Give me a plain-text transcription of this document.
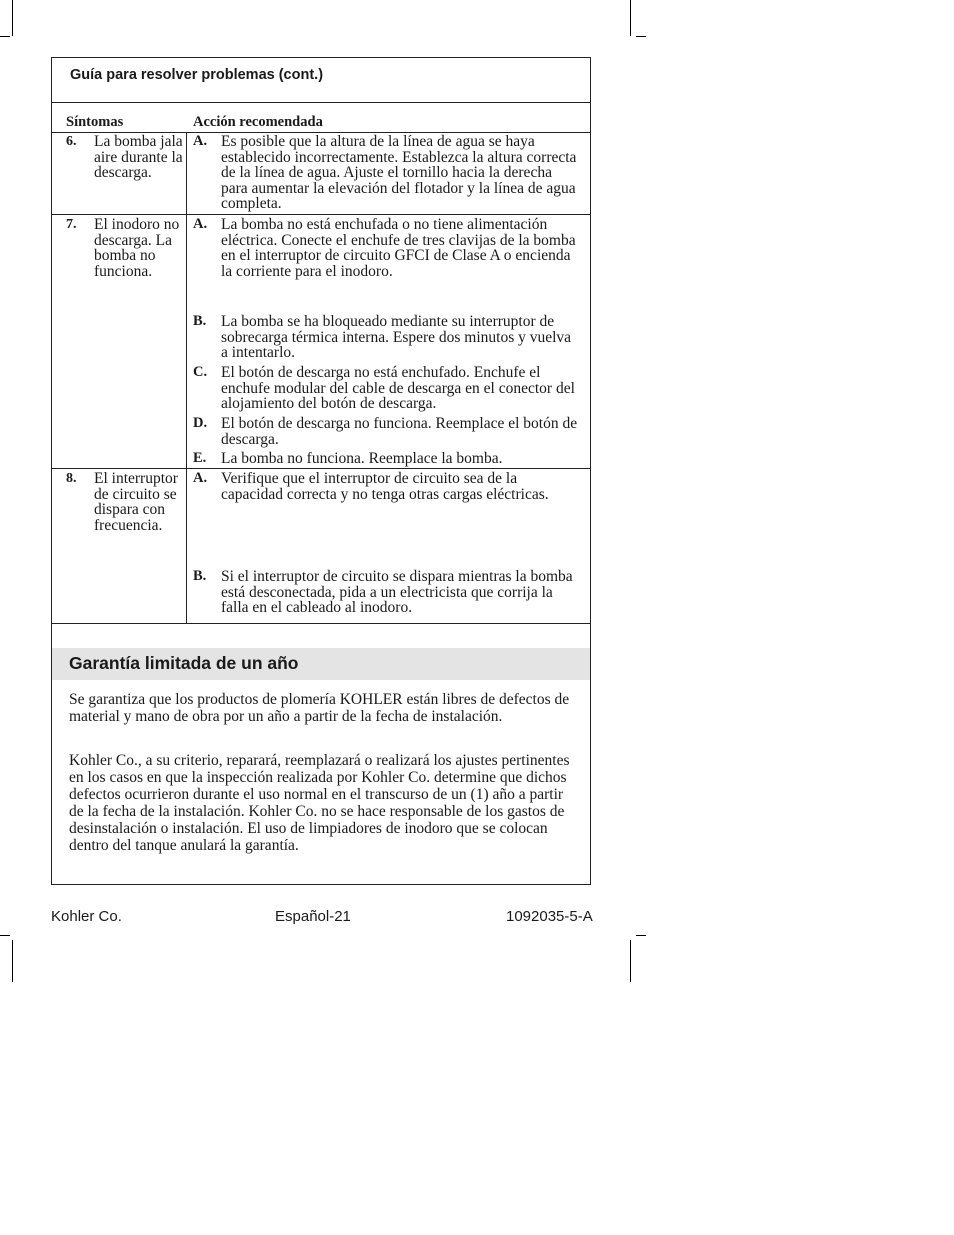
Guía para resolver problemas (cont.)
Síntomas	Acción recomendada
6. La bomba jala aire durante la descarga.
A. Es posible que la altura de la línea de agua se haya establecido incorrectamente. Establezca la altura correcta de la línea de agua. Ajuste el tornillo hacia la derecha para aumentar la elevación del flotador y la línea de agua completa.
7. El inodoro no descarga. La bomba no funciona.
A. La bomba no está enchufada o no tiene alimentación eléctrica. Conecte el enchufe de tres clavijas de la bomba en el interruptor de circuito GFCI de Clase A o encienda la corriente para el inodoro.
B. La bomba se ha bloqueado mediante su interruptor de sobrecarga térmica interna. Espere dos minutos y vuelva a intentarlo.
C. El botón de descarga no está enchufado. Enchufe el enchufe modular del cable de descarga en el conector del alojamiento del botón de descarga.
D. El botón de descarga no funciona. Reemplace el botón de descarga.
E. La bomba no funciona. Reemplace la bomba.
8. El interruptor de circuito se dispara con frecuencia.
A. Verifique que el interruptor de circuito sea de la capacidad correcta y no tenga otras cargas eléctricas.
B. Si el interruptor de circuito se dispara mientras la bomba está desconectada, pida a un electricista que corrija la falla en el cableado al inodoro.
Garantía limitada de un año
Se garantiza que los productos de plomería KOHLER están libres de defectos de material y mano de obra por un año a partir de la fecha de instalación.
Kohler Co., a su criterio, reparará, reemplazará o realizará los ajustes pertinentes en los casos en que la inspección realizada por Kohler Co. determine que dichos defectos ocurrieron durante el uso normal en el transcurso de un (1) año a partir de la fecha de la instalación. Kohler Co. no se hace responsable de los gastos de desinstalación o instalación. El uso de limpiadores de inodoro que se colocan dentro del tanque anulará la garantía.
Kohler Co.	Español-21	1092035-5-A
